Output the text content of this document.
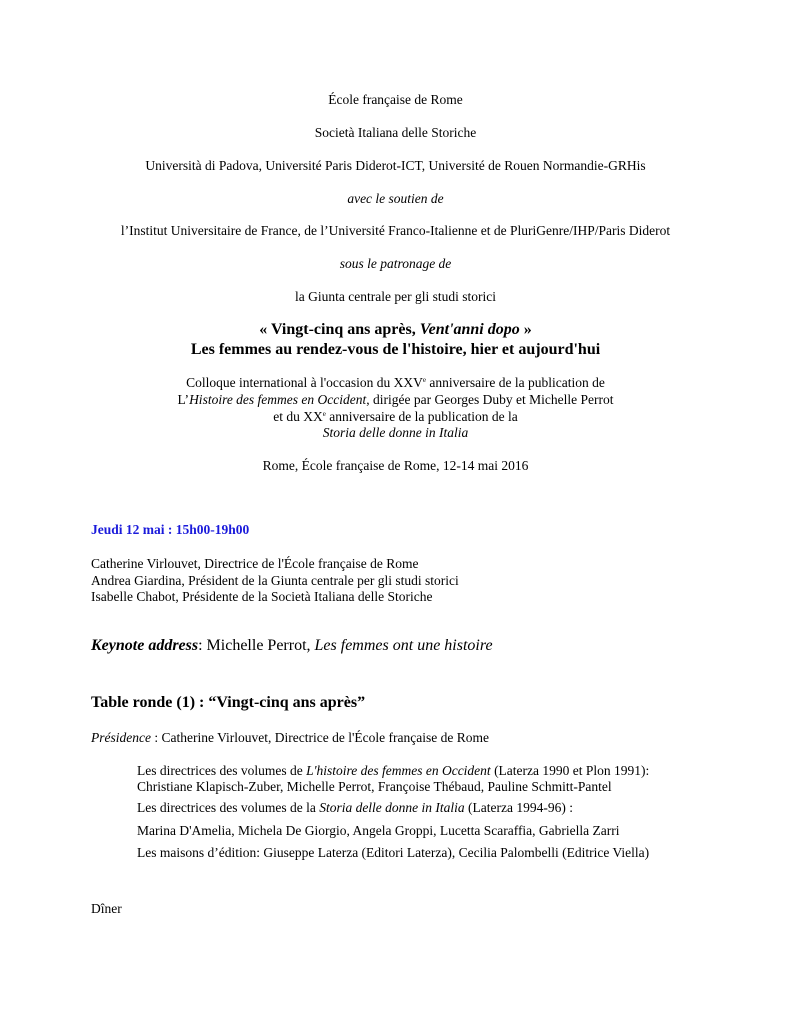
École française de Rome

Società Italiana delle Storiche

Università di Padova, Université Paris Diderot-ICT, Université de Rouen Normandie-GRHis

avec le soutien de

l’Institut Universitaire de France, de l’Université Franco-Italienne et de PluriGenre/IHP/Paris Diderot

sous le patronage de

la Giunta centrale per gli studi storici

« Vingt-cinq ans après, Vent'anni dopo »

Les femmes au rendez-vous de l'histoire, hier et aujourd'hui

Colloque international à l'occasion du XXVe anniversaire de la publication de

L’Histoire des femmes en Occident, dirigée par Georges Duby et Michelle Perrot

et du XXe anniversaire de la publication de la

Storia delle donne in Italia

Rome, École française de Rome, 12-14 mai 2016

Jeudi 12 mai : 15h00-19h00

Catherine Virlouvet, Directrice de l'École française de Rome

Andrea Giardina, Président de la Giunta centrale per gli studi storici

Isabelle Chabot, Présidente de la Società Italiana delle Storiche

Keynote address: Michelle Perrot, Les femmes ont une histoire

Table ronde (1) : “Vingt-cinq ans après”

Présidence : Catherine Virlouvet, Directrice de l'École française de Rome

Les directrices des volumes de L'histoire des femmes en Occident (Laterza 1990 et Plon 1991):

Christiane Klapisch-Zuber, Michelle Perrot, Françoise Thébaud, Pauline Schmitt-Pantel

Les directrices des volumes de la Storia delle donne in Italia (Laterza 1994-96) :

Marina D'Amelia, Michela De Giorgio, Angela Groppi, Lucetta Scaraffia, Gabriella Zarri

Les maisons d’édition: Giuseppe Laterza (Editori Laterza), Cecilia Palombelli (Editrice Viella)

Dîner
